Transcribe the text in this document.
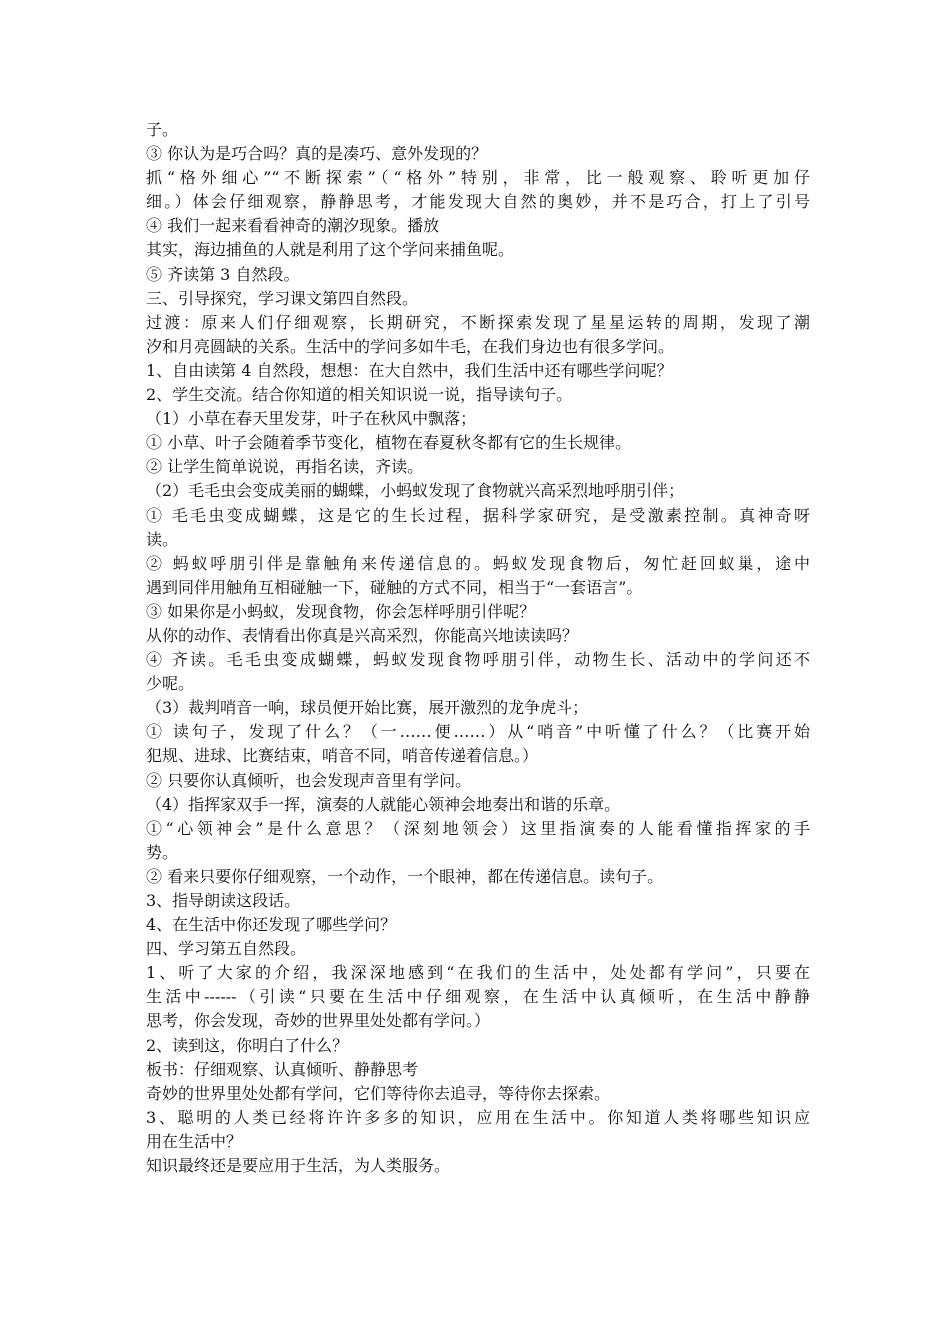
子。
③ 你认为是巧合吗？真的是凑巧、意外发现的？
抓“格外细心”“不断探索”（“格外”特别，非常，比一般观察、聆听更加仔
细。）体会仔细观察，静静思考，才能发现大自然的奥妙，并不是巧合，打上了引号
④ 我们一起来看看神奇的潮汐现象。播放
其实，海边捕鱼的人就是利用了这个学问来捕鱼呢。
⑤ 齐读第 3 自然段。
三、引导探究，学习课文第四自然段。
过渡：原来人们仔细观察，长期研究，不断探索发现了星星运转的周期，发现了潮
汐和月亮圆缺的关系。生活中的学问多如牛毛，在我们身边也有很多学问。
1、自由读第 4 自然段，想想：在大自然中，我们生活中还有哪些学问呢？
2、学生交流。结合你知道的相关知识说一说，指导读句子。
（1）小草在春天里发芽，叶子在秋风中飘落；
① 小草、叶子会随着季节变化，植物在春夏秋冬都有它的生长规律。
② 让学生简单说说，再指名读，齐读。
（2）毛毛虫会变成美丽的蝴蝶，小蚂蚁发现了食物就兴高采烈地呼朋引伴；
① 毛毛虫变成蝴蝶，这是它的生长过程，据科学家研究，是受激素控制。真神奇呀
读。
② 蚂蚁呼朋引伴是靠触角来传递信息的。蚂蚁发现食物后，匆忙赶回蚁巢，途中
遇到同伴用触角互相碰触一下，碰触的方式不同，相当于“一套语言”。
③ 如果你是小蚂蚁，发现食物，你会怎样呼朋引伴呢？
从你的动作、表情看出你真是兴高采烈，你能高兴地读读吗？
④ 齐读。毛毛虫变成蝴蝶，蚂蚁发现食物呼朋引伴，动物生长、活动中的学问还不
少呢。
（3）裁判哨音一响，球员便开始比赛，展开激烈的龙争虎斗；
① 读句子，发现了什么？（一……便……）从“哨音”中听懂了什么？（比赛开始
犯规、进球、比赛结束，哨音不同，哨音传递着信息。）
② 只要你认真倾听，也会发现声音里有学问。
（4）指挥家双手一挥，演奏的人就能心领神会地奏出和谐的乐章。
①“心领神会”是什么意思？（深刻地领会）这里指演奏的人能看懂指挥家的手
势。
② 看来只要你仔细观察，一个动作，一个眼神，都在传递信息。读句子。
3、指导朗读这段话。
4、在生活中你还发现了哪些学问？
四、学习第五自然段。
1、听了大家的介绍，我深深地感到“在我们的生活中，处处都有学问”，只要在
生活中------（引读“只要在生活中仔细观察，在生活中认真倾听，在生活中静静
思考，你会发现，奇妙的世界里处处都有学问。）
2、读到这，你明白了什么？
板书：仔细观察、认真倾听、静静思考
奇妙的世界里处处都有学问，它们等待你去追寻，等待你去探索。
3、聪明的人类已经将许许多多的知识，应用在生活中。你知道人类将哪些知识应
用在生活中？
知识最终还是要应用于生活，为人类服务。
